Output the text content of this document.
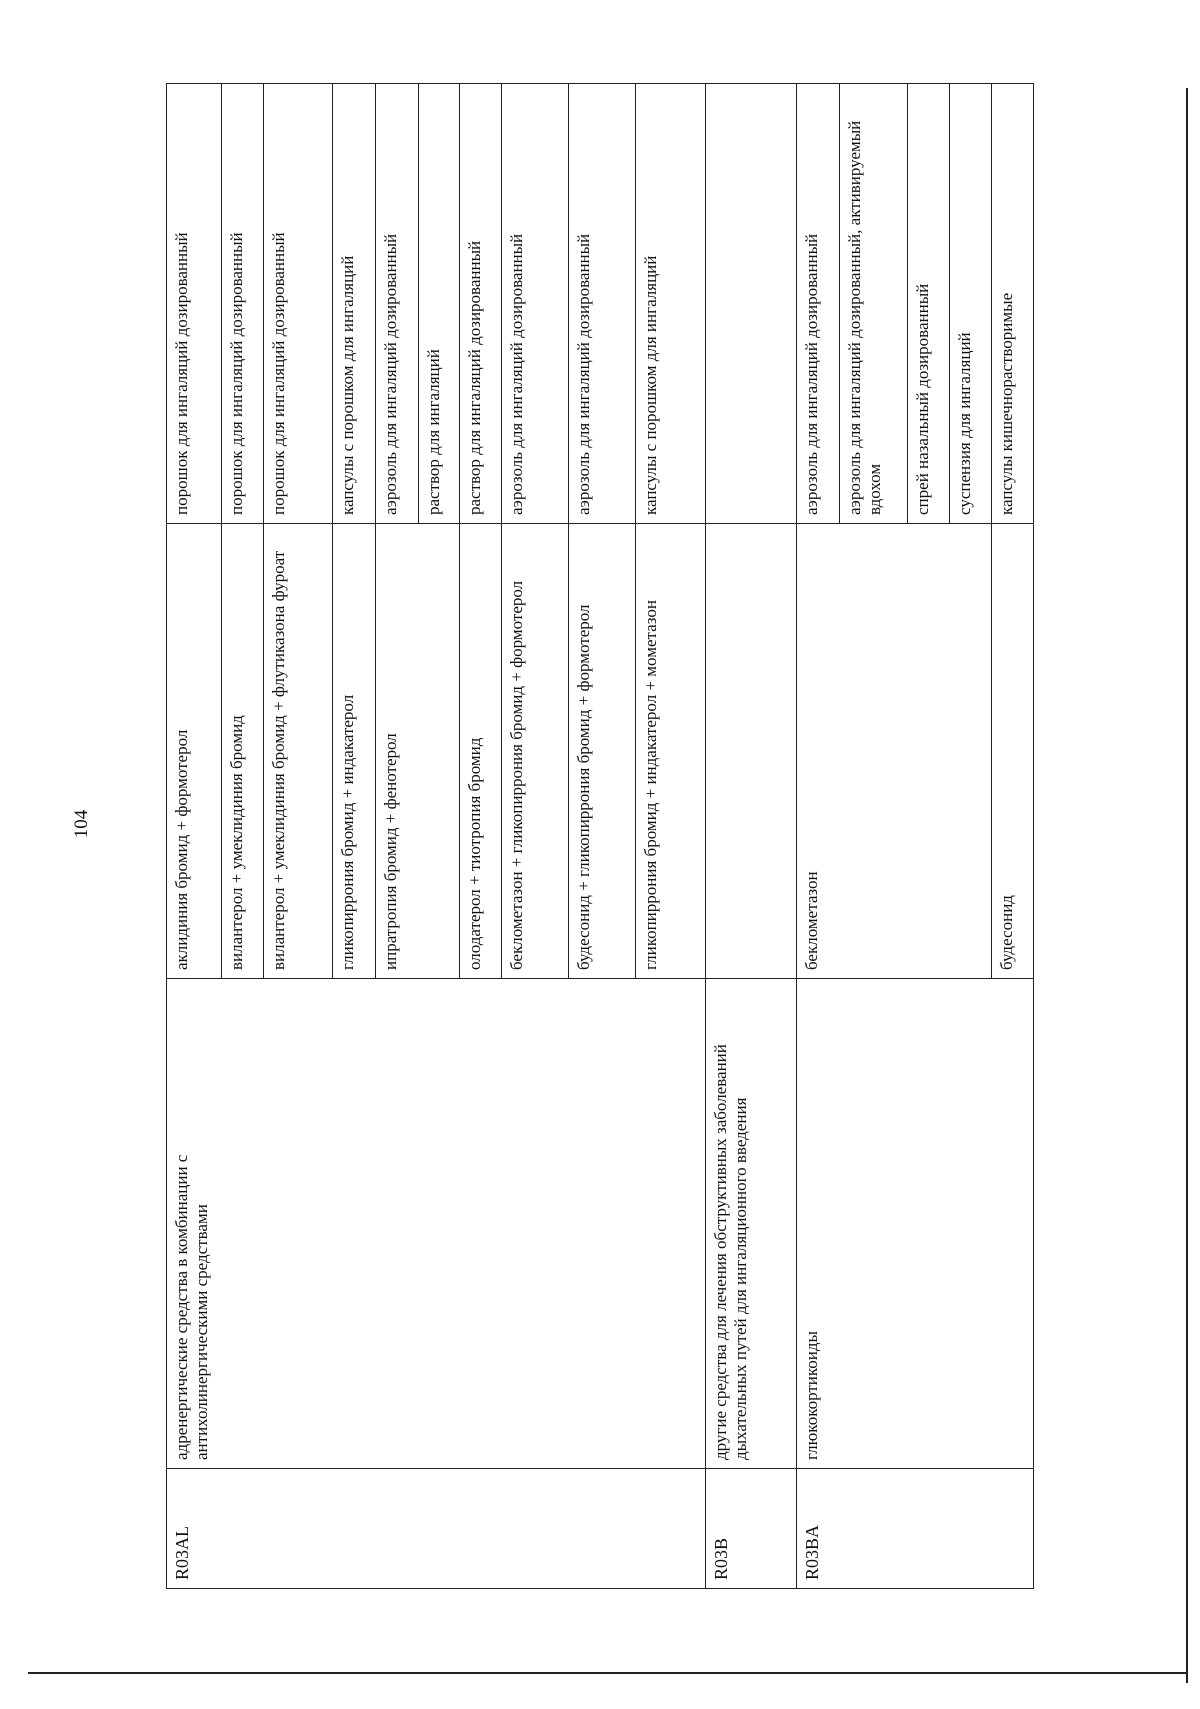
104
R03AL	адренергические средства в комбинации с антихолинергическими средствами	аклидиния бромид + формотерол	порошок для ингаляций дозированный
		вилантерол + умеклидиния бромид	порошок для ингаляций дозированный
		вилантерол + умеклидиния бромид + флутиказона фуроат	порошок для ингаляций дозированный
		гликопиррония бромид + индакатерол	капсулы с порошком для ингаляций
		ипратропия бромид + фенотерол	аэрозоль для ингаляций дозированный
			раствор для ингаляций
		олодатерол + тиотропия бромид	раствор для ингаляций дозированный
		беклометазон + гликопиррония бромид + формотерол	аэрозоль для ингаляций дозированный
		будесонид + гликопиррония бромид + формотерол	аэрозоль для ингаляций дозированный
		гликопиррония бромид + индакатерол + мометазон	капсулы с порошком для ингаляций
R03B	другие средства для лечения обструктивных заболеваний дыхательных путей для ингаляционного введения		
R03BA	глюкокортикоиды	беклометазон	аэрозоль для ингаляций дозированный
			аэрозоль для ингаляций дозированный, активируемый вдохом
			спрей назальный дозированный
			суспензия для ингаляций
		будесонид	капсулы кишечнорастворимые
